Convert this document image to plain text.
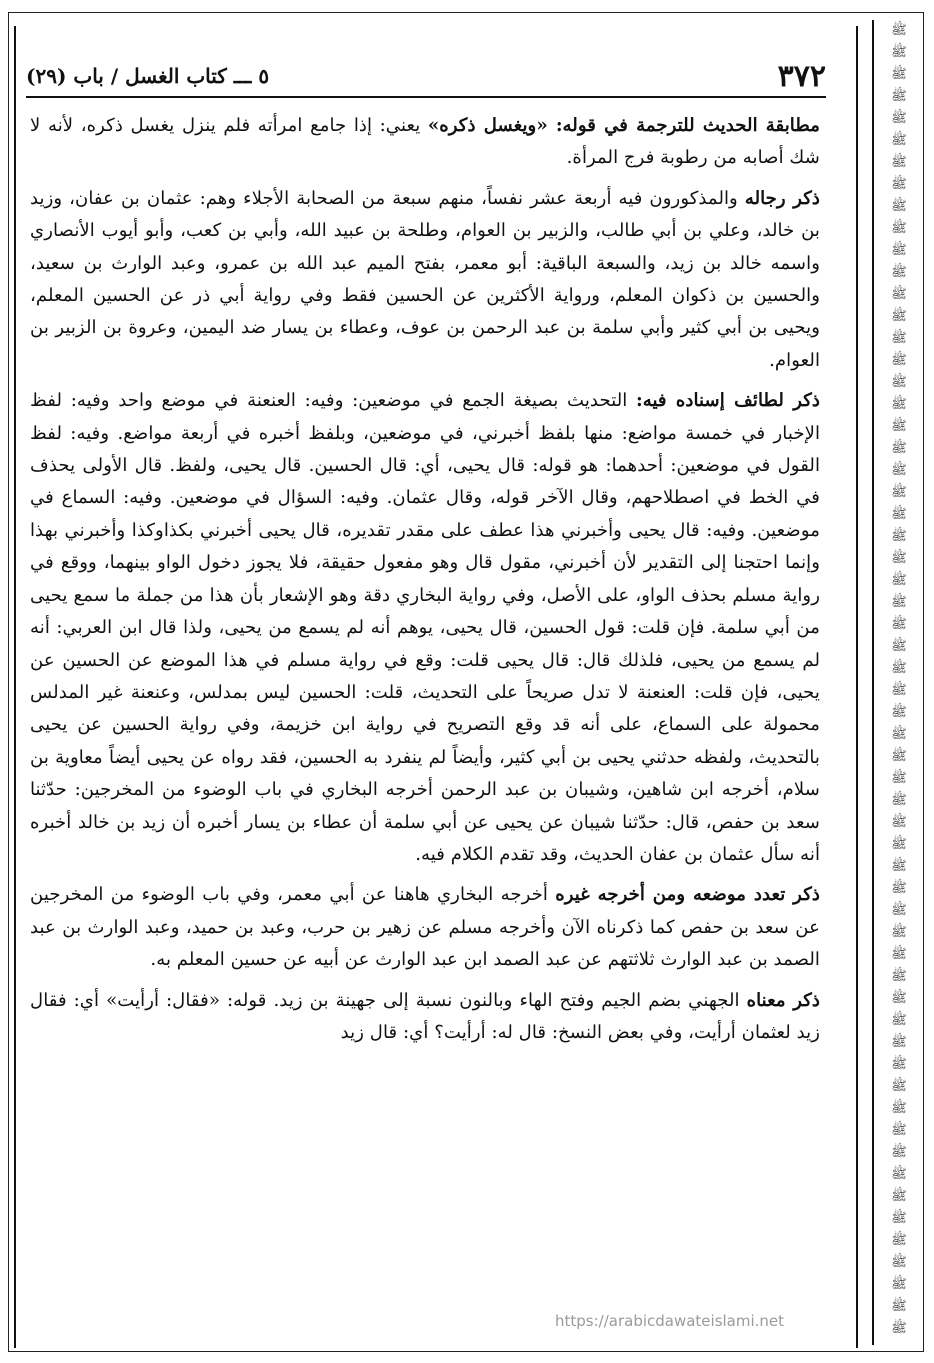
ﷺ
ﷺ
ﷺ
ﷺ
ﷺ
ﷺ
ﷺ
ﷺ
ﷺ
ﷺ
ﷺ
ﷺ
ﷺ
ﷺ
ﷺ
ﷺ
ﷺ
ﷺ
ﷺ
ﷺ
ﷺ
ﷺ
ﷺ
ﷺ
ﷺ
ﷺ
ﷺ
ﷺ
ﷺ
ﷺ
ﷺ
ﷺ
ﷺ
ﷺ
ﷺ
ﷺ
ﷺ
ﷺ
ﷺ
ﷺ
ﷺ
ﷺ
ﷺ
ﷺ
ﷺ
ﷺ
ﷺ
ﷺ
ﷺ
ﷺ
ﷺ
ﷺ
ﷺ
ﷺ
ﷺ
ﷺ
ﷺ
ﷺ
ﷺ
ﷺ
٣٧٢
٥ ـــ كتاب الغسل / باب (٢٩)

مطابقة الحديث للترجمة في قوله: «ويغسل ذكره» يعني: إذا جامع امرأته فلم ينزل يغسل ذكره، لأنه لا شك أصابه من رطوبة فرج المرأة.

ذكر رجاله والمذكورون فيه أربعة عشر نفساً، منهم سبعة من الصحابة الأجلاء وهم: عثمان بن عفان، وزيد بن خالد، وعلي بن أبي طالب، والزبير بن العوام، وطلحة بن عبيد الله، وأبي بن كعب، وأبو أيوب الأنصاري واسمه خالد بن زيد، والسبعة الباقية: أبو معمر، بفتح الميم عبد الله بن عمرو، وعبد الوارث بن سعيد، والحسين بن ذكوان المعلم، ورواية الأكثرين عن الحسين فقط وفي رواية أبي ذر عن الحسين المعلم، ويحيى بن أبي كثير وأبي سلمة بن عبد الرحمن بن عوف، وعطاء بن يسار ضد اليمين، وعروة بن الزبير بن العوام.

ذكر لطائف إسناده فيه: التحديث بصيغة الجمع في موضعين: وفيه: العنعنة في موضع واحد وفيه: لفظ الإخبار في خمسة مواضع: منها بلفظ أخبرني، في موضعين، وبلفظ أخبره في أربعة مواضع. وفيه: لفظ القول في موضعين: أحدهما: هو قوله: قال يحيى، أي: قال الحسين. قال يحيى، ولفظ. قال الأولى يحذف في الخط في اصطلاحهم، وقال الآخر قوله، وقال عثمان. وفيه: السؤال في موضعين. وفيه: السماع في موضعين. وفيه: قال يحيى وأخبرني هذا عطف على مقدر تقديره، قال يحيى أخبرني بكذاوكذا وأخبرني بهذا وإنما احتجنا إلى التقدير لأن أخبرني، مقول قال وهو مفعول حقيقة، فلا يجوز دخول الواو بينهما، ووقع في رواية مسلم بحذف الواو، على الأصل، وفي رواية البخاري دقة وهو الإشعار بأن هذا من جملة ما سمع يحيى من أبي سلمة. فإن قلت: قول الحسين، قال يحيى، يوهم أنه لم يسمع من يحيى، ولذا قال ابن العربي: أنه لم يسمع من يحيى، فلذلك قال: قال يحيى قلت: وقع في رواية مسلم في هذا الموضع عن الحسين عن يحيى، فإن قلت: العنعنة لا تدل صريحاً على التحديث، قلت: الحسين ليس بمدلس، وعنعنة غير المدلس محمولة على السماع، على أنه قد وقع التصريح في رواية ابن خزيمة، وفي رواية الحسين عن يحيى بالتحديث، ولفظه حدثني يحيى بن أبي كثير، وأيضاً لم ينفرد به الحسين، فقد رواه عن يحيى أيضاً معاوية بن سلام، أخرجه ابن شاهين، وشيبان بن عبد الرحمن أخرجه البخاري في باب الوضوء من المخرجين: حدّثنا سعد بن حفص، قال: حدّثنا شيبان عن يحيى عن أبي سلمة أن عطاء بن يسار أخبره أن زيد بن خالد أخبره أنه سأل عثمان بن عفان الحديث، وقد تقدم الكلام فيه.

ذكر تعدد موضعه ومن أخرجه غيره أخرجه البخاري هاهنا عن أبي معمر، وفي باب الوضوء من المخرجين عن سعد بن حفص كما ذكرناه الآن وأخرجه مسلم عن زهير بن حرب، وعبد بن حميد، وعبد الوارث بن عبد الصمد بن عبد الوارث ثلاثتهم عن عبد الصمد ابن عبد الوارث عن أبيه عن حسين المعلم به.

ذكر معناه الجهني بضم الجيم وفتح الهاء وبالنون نسبة إلى جهينة بن زيد. قوله: «فقال: أرأيت» أي: فقال زيد لعثمان أرأيت، وفي بعض النسخ: قال له: أرأيت؟ أي: قال زيد

https://arabicdawateislami.net
